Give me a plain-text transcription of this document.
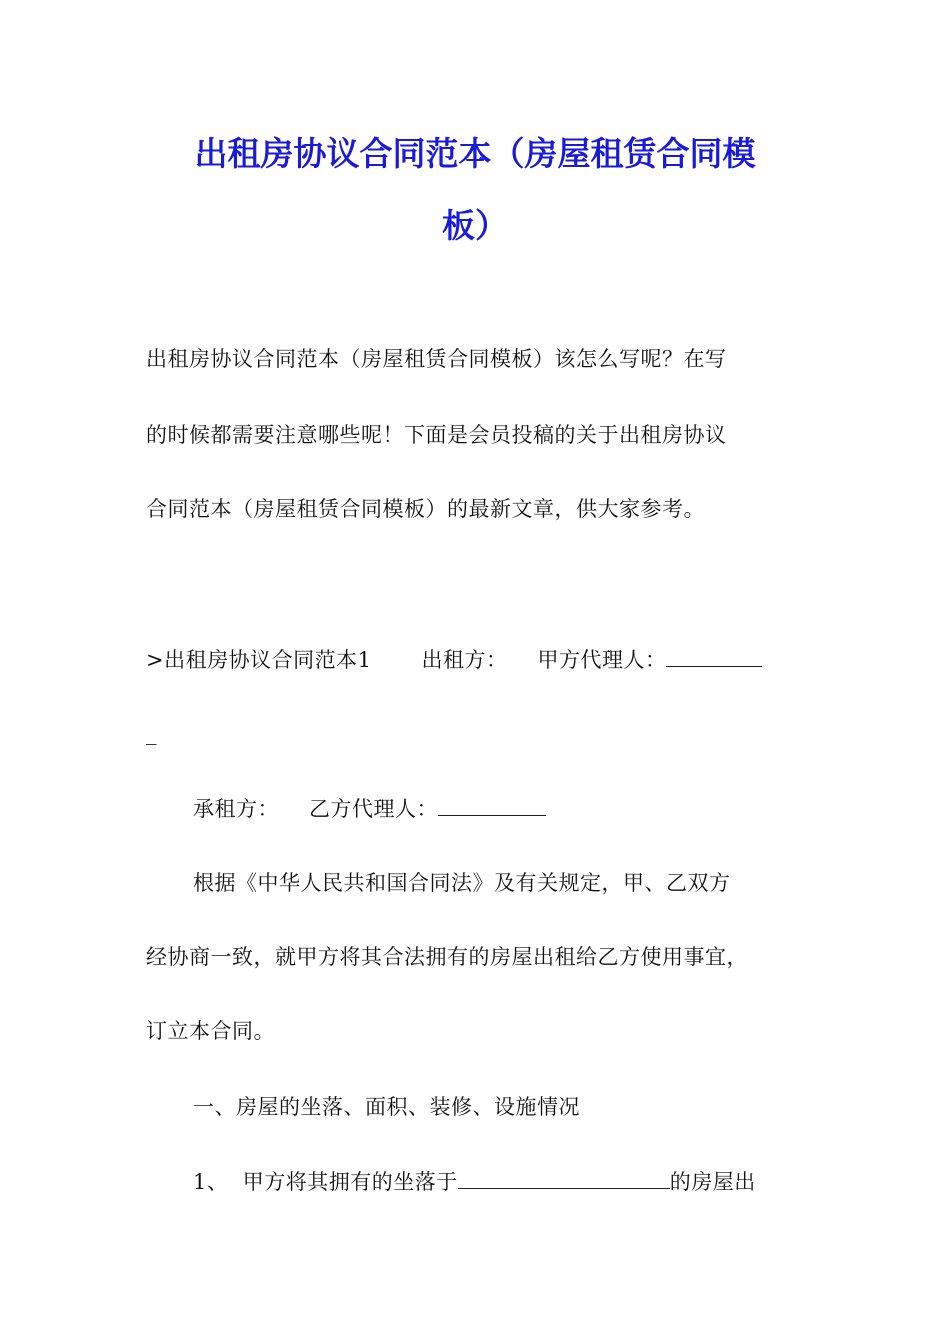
出租房协议合同范本（房屋租赁合同模
板）

出租房协议合同范本（房屋租赁合同模板）该怎么写呢？在写

的时候都需要注意哪些呢！下面是会员投稿的关于出租房协议

合同范本（房屋租赁合同模板）的最新文章，供大家参考。

>出租房协议合同范本1 出租方： 甲方代理人：

_

承租方： 乙方代理人：

根据《中华人民共和国合同法》及有关规定，甲、乙双方

经协商一致，就甲方将其合法拥有的房屋出租给乙方使用事宜，

订立本合同。

一、房屋的坐落、面积、装修、设施情况

1、  甲方将其拥有的坐落于	的房屋出
